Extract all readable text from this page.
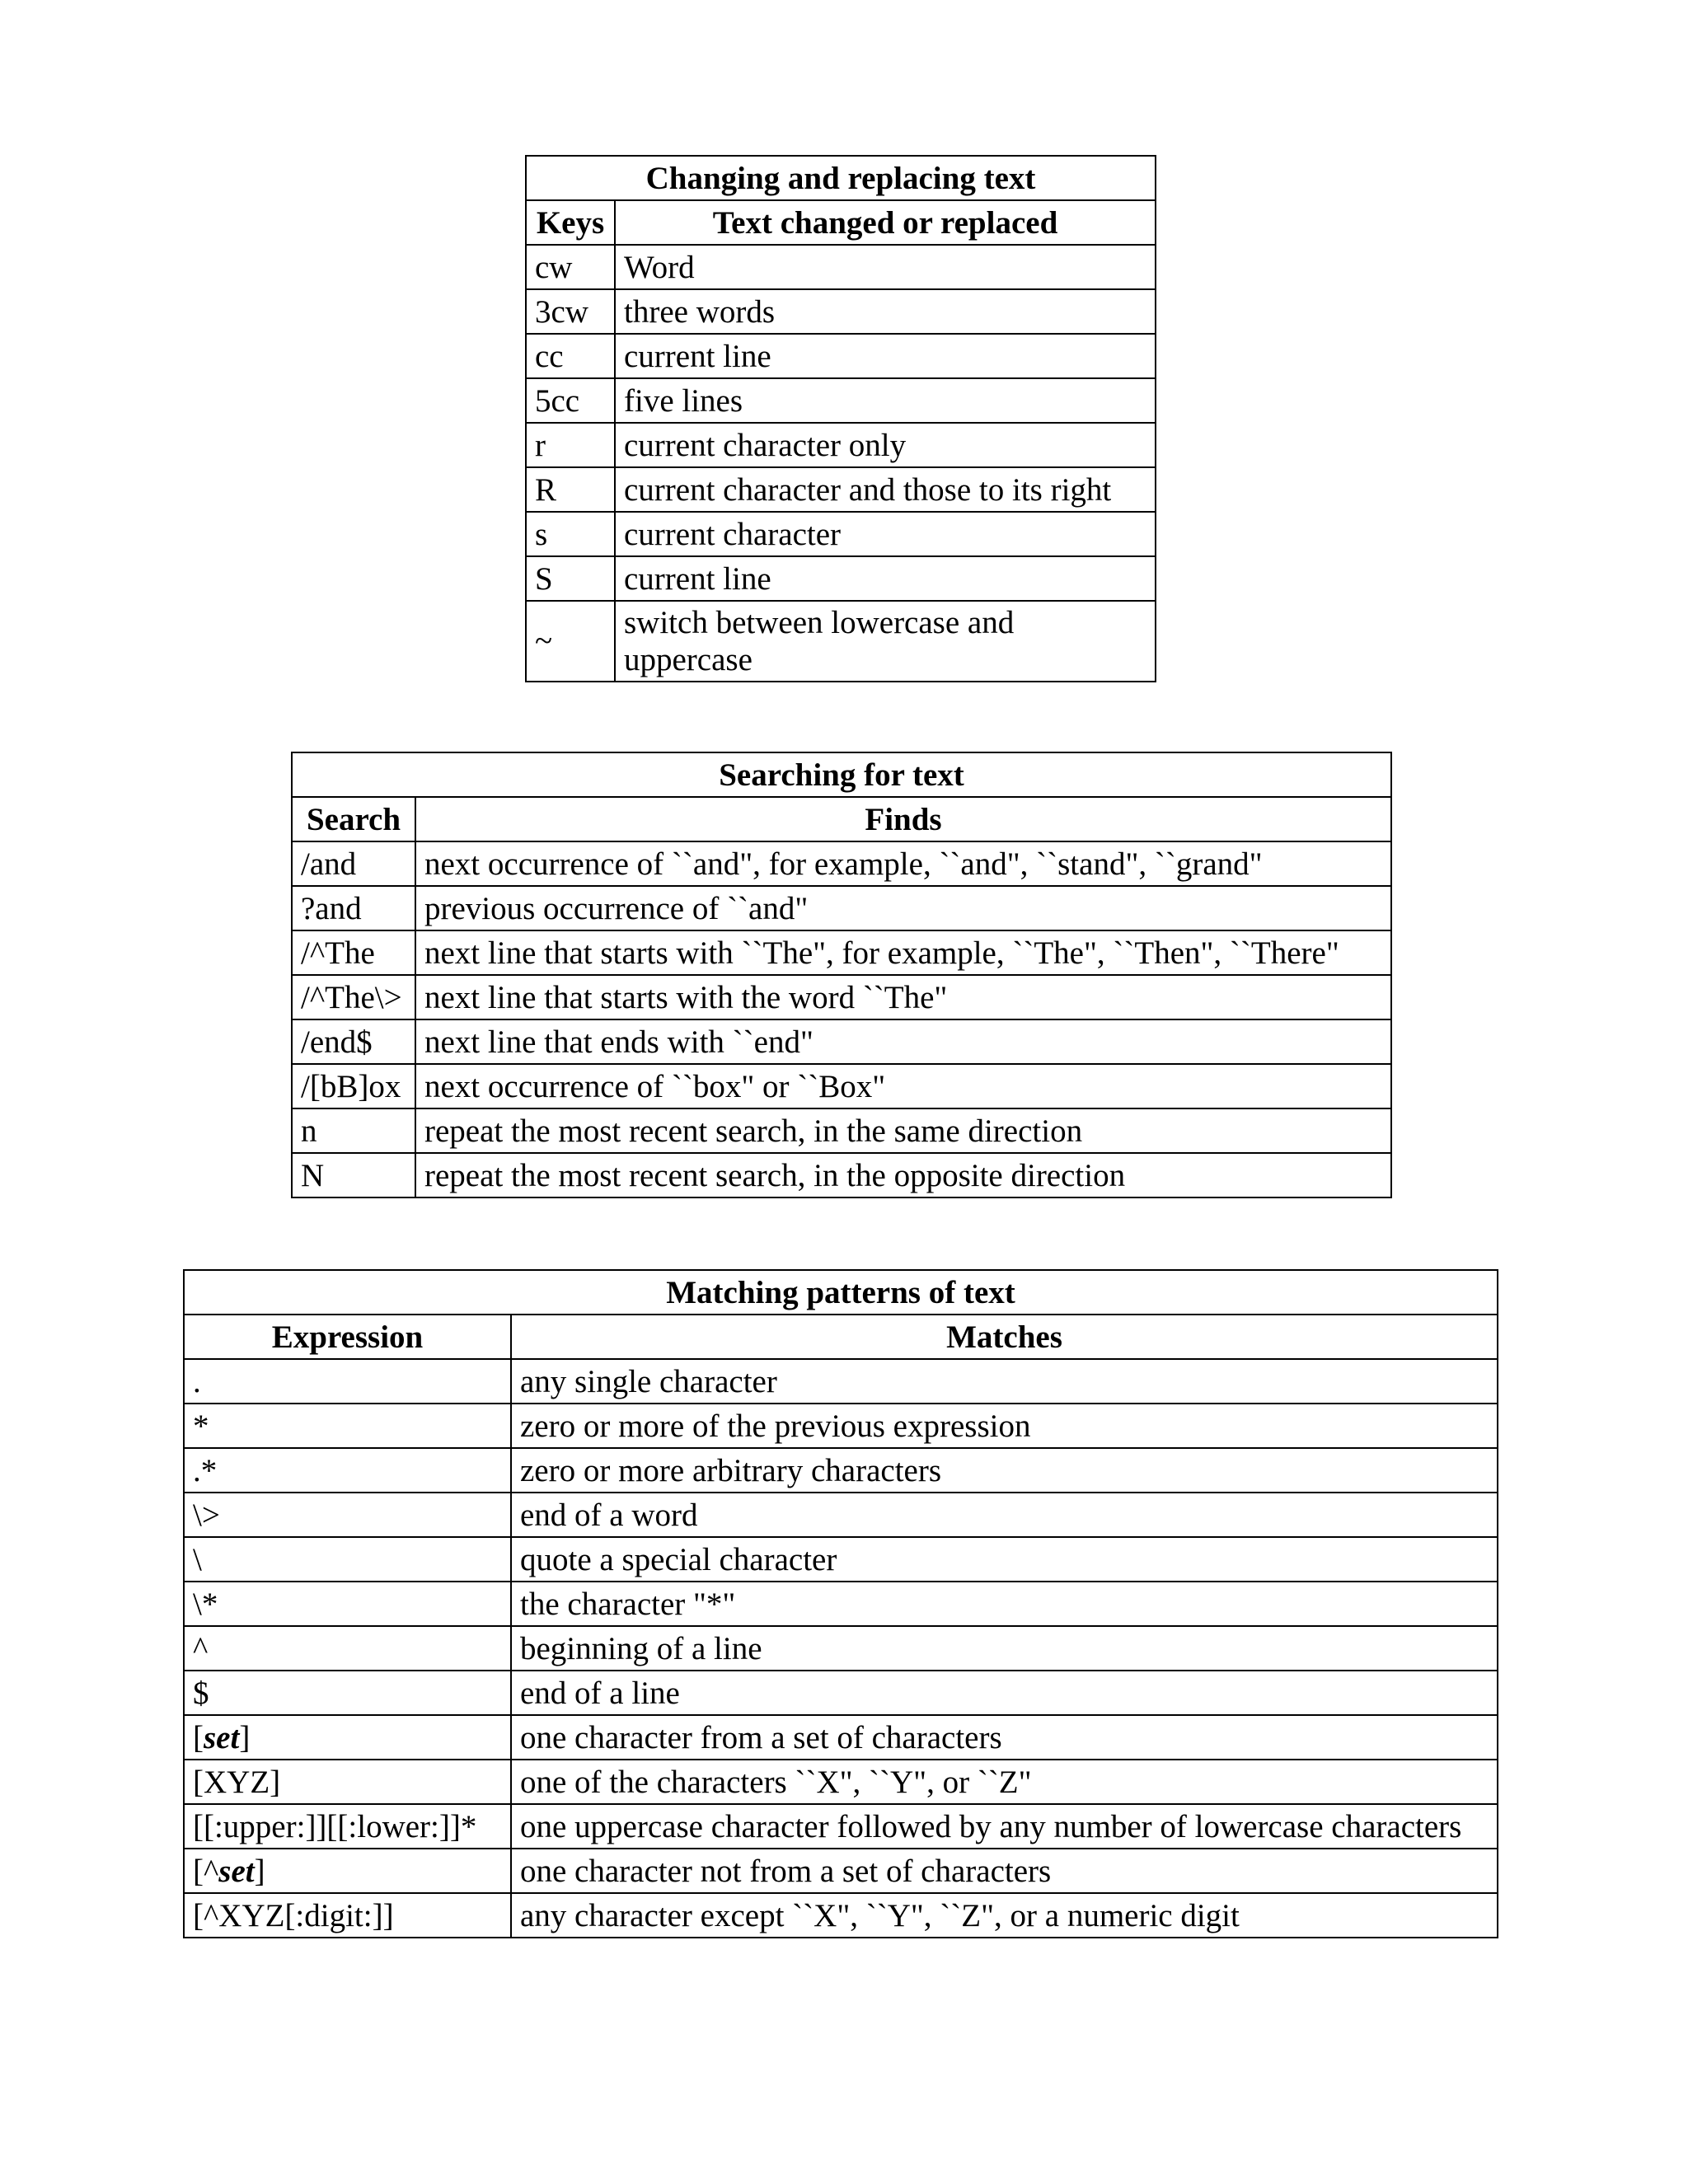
Changing and replacing text	
Keys	Text changed or replaced
cw	Word
3cw	three words
cc	current line
5cc	five lines
r	current character only
R	current character and those to its right
s	current character
S	current line
~	switch between lowercase and uppercase
Searching for text	
Search	Finds
/and	next occurrence of ``and", for example, ``and", ``stand", ``grand"
?and	previous occurrence of ``and"
/^The	next line that starts with ``The", for example, ``The", ``Then", ``There"
/^The\>	next line that starts with the word ``The"
/end$	next line that ends with ``end"
/[bB]ox	next occurrence of ``box" or ``Box"
n	repeat the most recent search, in the same direction
N	repeat the most recent search, in the opposite direction
Matching patterns of text	
Expression	Matches
.	any single character
*	zero or more of the previous expression
.*	zero or more arbitrary characters
\>	end of a word
\	quote a special character
\*	the character "*"
^	beginning of a line
$	end of a line
[set]	one character from a set of characters
[XYZ]	one of the characters ``X", ``Y", or ``Z"
[[:upper:]][[:lower:]]*	one uppercase character followed by any number of lowercase characters
[^set]	one character not from a set of characters
[^XYZ[:digit:]]	any character except ``X", ``Y", ``Z", or a numeric digit
